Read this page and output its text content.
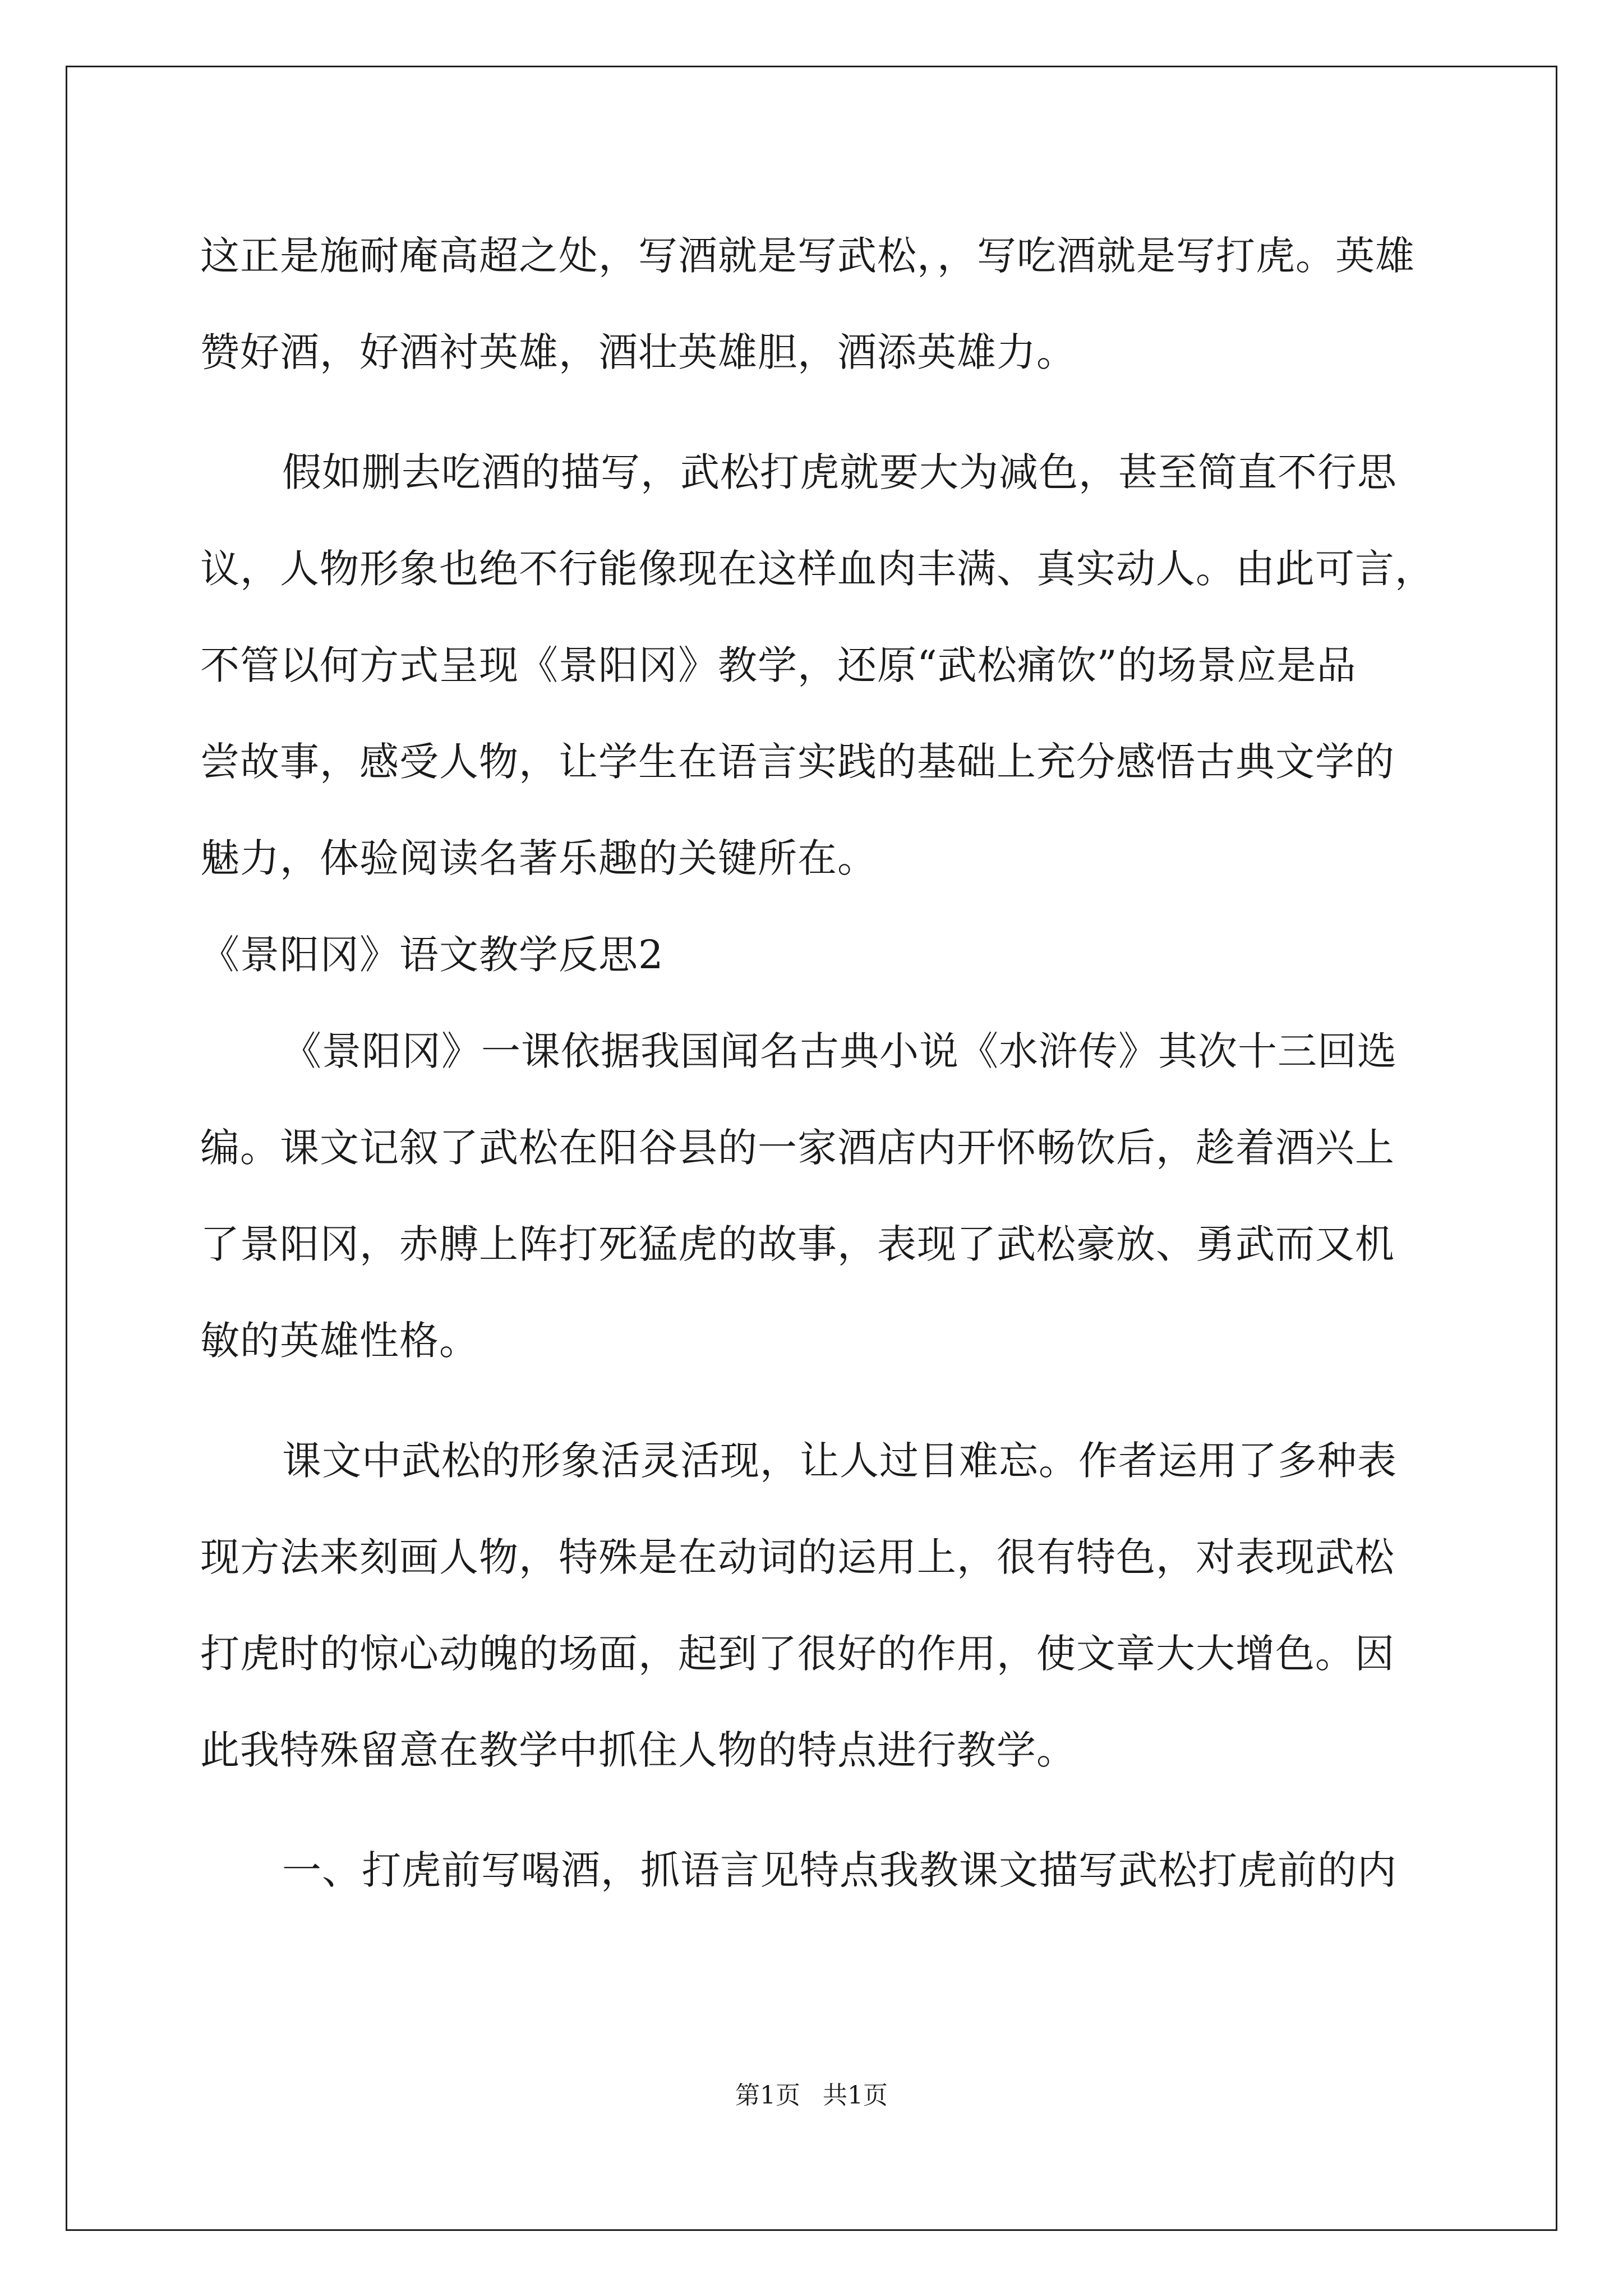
这正是施耐庵高超之处，写酒就是写武松，，写吃酒就是写打虎。英雄
赞好酒，好酒衬英雄，酒壮英雄胆，酒添英雄力。
假如删去吃酒的描写，武松打虎就要大为减色，甚至简直不行思
议，人物形象也绝不行能像现在这样血肉丰满、真实动人。由此可言，
不管以何方式呈现《景阳冈》教学，还原“武松痛饮”的场景应是品
尝故事，感受人物，让学生在语言实践的基础上充分感悟古典文学的
魅力，体验阅读名著乐趣的关键所在。
《景阳冈》语文教学反思2
《景阳冈》一课依据我国闻名古典小说《水浒传》其次十三回选
编。课文记叙了武松在阳谷县的一家酒店内开怀畅饮后，趁着酒兴上
了景阳冈，赤膊上阵打死猛虎的故事，表现了武松豪放、勇武而又机
敏的英雄性格。
课文中武松的形象活灵活现，让人过目难忘。作者运用了多种表
现方法来刻画人物，特殊是在动词的运用上，很有特色，对表现武松
打虎时的惊心动魄的场面，起到了很好的作用，使文章大大增色。因
此我特殊留意在教学中抓住人物的特点进行教学。
一、打虎前写喝酒，抓语言见特点我教课文描写武松打虎前的内
第1页 共1页
